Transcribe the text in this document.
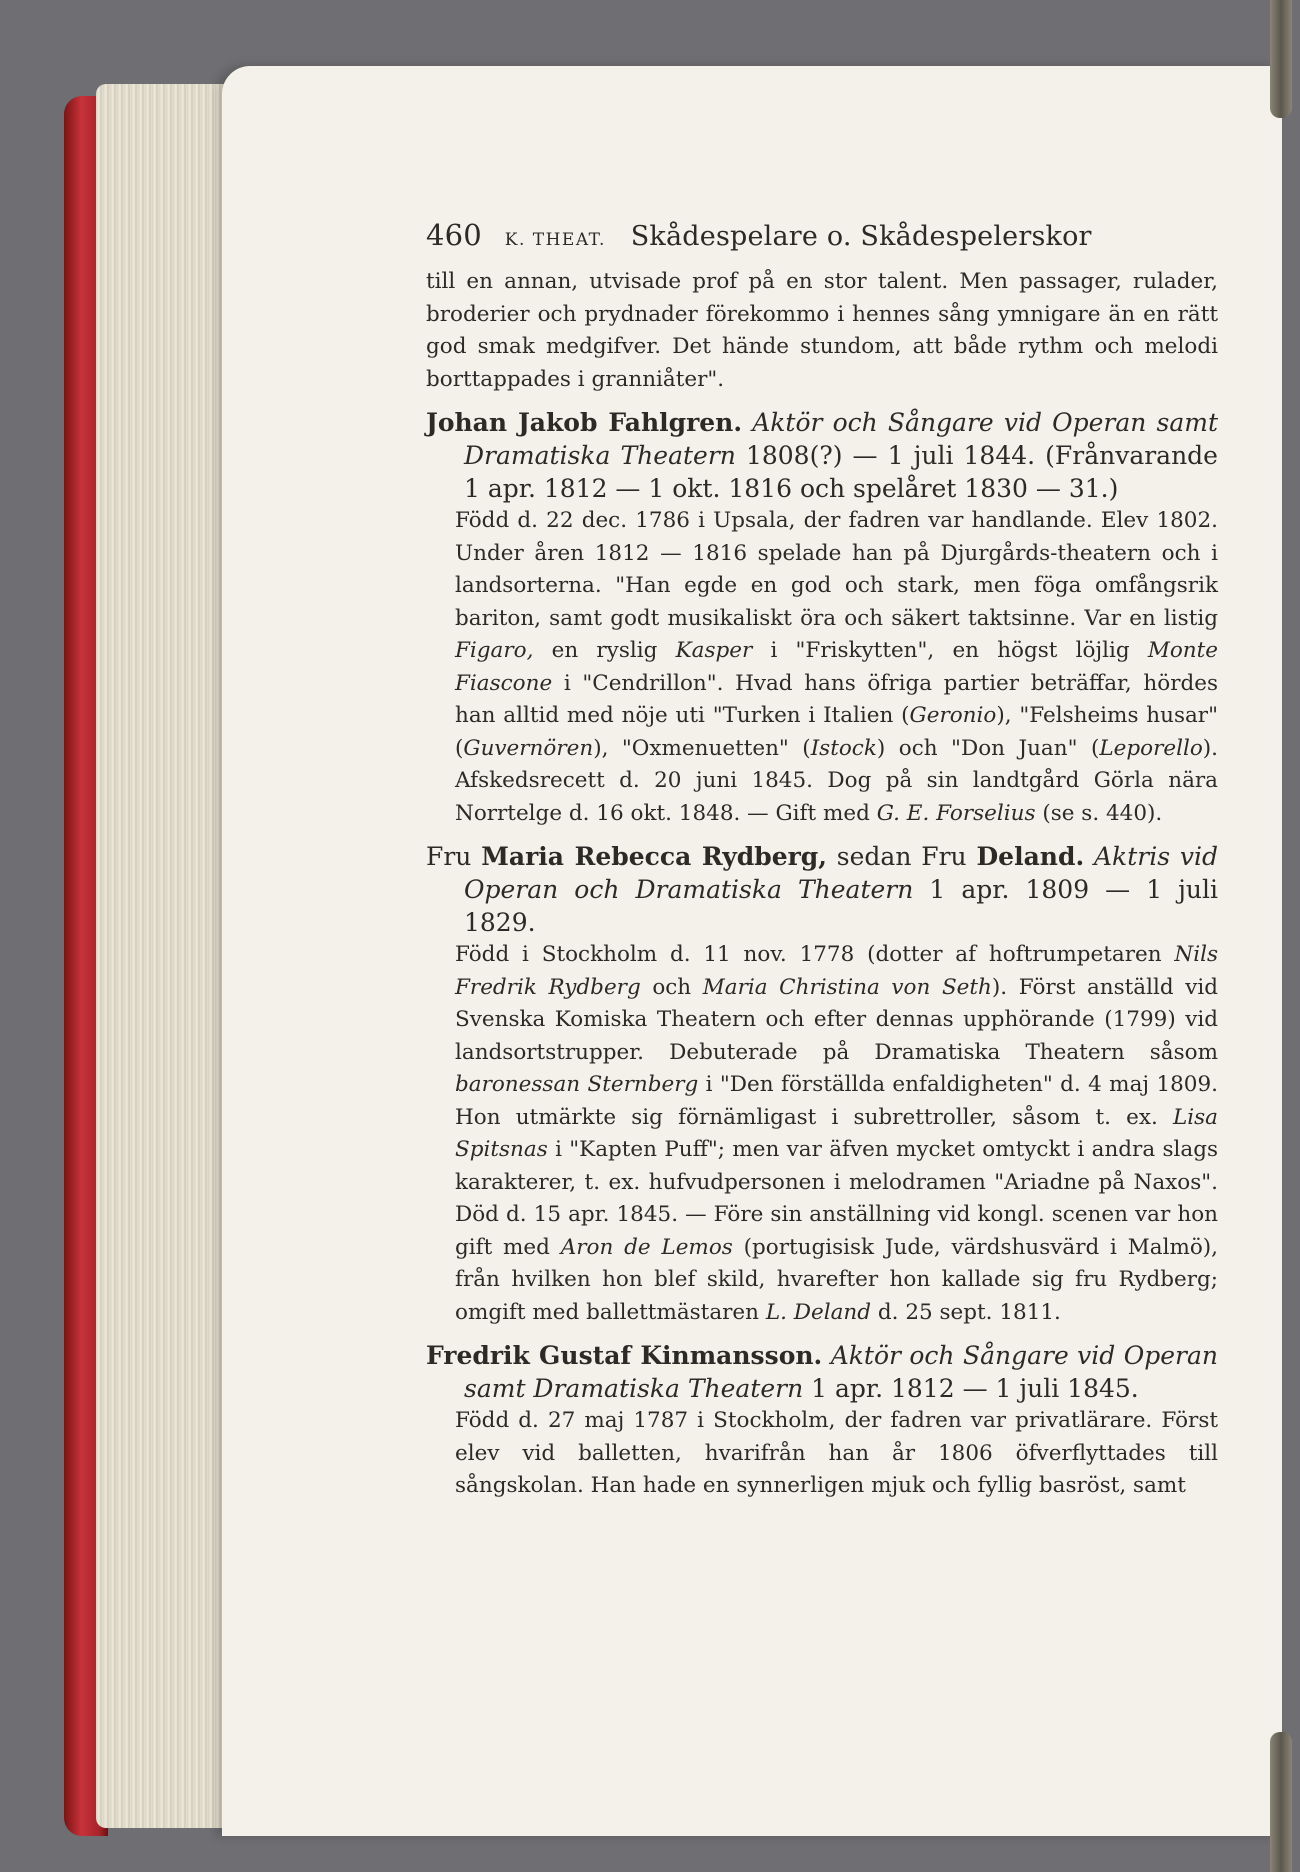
460 K. THEAT. Skådespelare o. Skådespelerskor

till en annan, utvisade prof på en stor talent. Men passager, rulader, broderier och prydnader förekommo i hennes sång ymnigare än en rätt god smak medgifver. Det hände stundom, att både rythm och melodi borttappades i granniåter".

Johan Jakob Fahlgren. Aktör och Sångare vid Operan samt Dramatiska Theatern 1808(?) — 1 juli 1844. (Frånvarande 1 apr. 1812 — 1 okt. 1816 och spelåret 1830 — 31.)

Född d. 22 dec. 1786 i Upsala, der fadren var handlande. Elev 1802. Under åren 1812 — 1816 spelade han på Djurgårds-theatern och i landsorterna. "Han egde en god och stark, men föga omfångsrik bariton, samt godt musikaliskt öra och säkert taktsinne. Var en listig Figaro, en ryslig Kasper i "Friskytten", en högst löjlig Monte Fiascone i "Cendrillon". Hvad hans öfriga partier beträffar, hördes han alltid med nöje uti "Turken i Italien (Geronio), "Felsheims husar" (Guvernören), "Oxmenuetten" (Istock) och "Don Juan" (Leporello). Afskedsrecett d. 20 juni 1845. Dog på sin landtgård Görla nära Norrtelge d. 16 okt. 1848. — Gift med G. E. Forselius (se s. 440).

Fru Maria Rebecca Rydberg, sedan Fru Deland. Aktris vid Operan och Dramatiska Theatern 1 apr. 1809 — 1 juli 1829.

Född i Stockholm d. 11 nov. 1778 (dotter af hoftrumpetaren Nils Fredrik Rydberg och Maria Christina von Seth). Först anställd vid Svenska Komiska Theatern och efter dennas upphörande (1799) vid landsortstrupper. Debuterade på Dramatiska Theatern såsom baronessan Sternberg i "Den förställda enfaldigheten" d. 4 maj 1809. Hon utmärkte sig förnämligast i subrettroller, såsom t. ex. Lisa Spitsnas i "Kapten Puff"; men var äfven mycket omtyckt i andra slags karakterer, t. ex. hufvudpersonen i melodramen "Ariadne på Naxos". Död d. 15 apr. 1845. — Före sin anställning vid kongl. scenen var hon gift med Aron de Lemos (portugisisk Jude, värdshusvärd i Malmö), från hvilken hon blef skild, hvarefter hon kallade sig fru Rydberg; omgift med ballettmästaren L. Deland d. 25 sept. 1811.

Fredrik Gustaf Kinmansson. Aktör och Sångare vid Operan samt Dramatiska Theatern 1 apr. 1812 — 1 juli 1845.

Född d. 27 maj 1787 i Stockholm, der fadren var privatlärare. Först elev vid balletten, hvarifrån han år 1806 öfverflyttades till sångskolan. Han hade en synnerligen mjuk och fyllig basröst, samt
